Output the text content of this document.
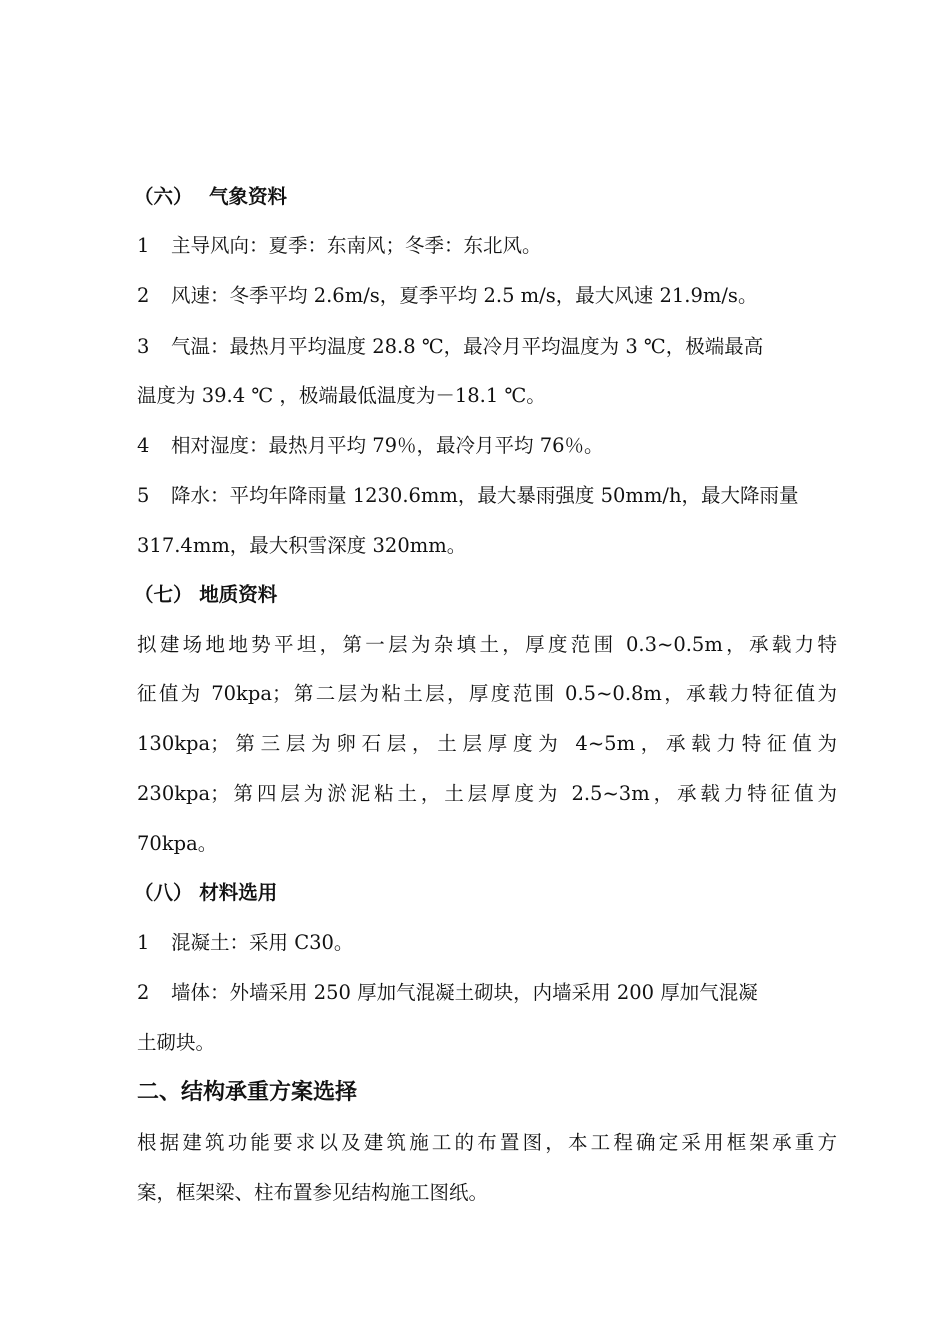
（六）　 气象资料
1 主导风向：夏季：东南风；冬季：东北风。
2 风速：冬季平均 2.6m/s，夏季平均 2.5 m/s，最大风速 21.9m/s。
3 气温：最热月平均温度 28.8 ℃，最冷月平均温度为 3 ℃，极端最高
温度为 39.4 ℃ ，极端最低温度为－18.1 ℃。
4 相对湿度：最热月平均 79％，最冷月平均 76％。
5 降水：平均年降雨量 1230.6mm，最大暴雨强度 50mm/h，最大降雨量
317.4mm，最大积雪深度 320mm。
（七） 地质资料
拟建场地地势平坦，第一层为杂填土，厚度范围 0.3~0.5m，承载力特
征值为 70kpa；第二层为粘土层，厚度范围 0.5~0.8m，承载力特征值为
130kpa；第三层为卵石层，土层厚度为 4~5m，承载力特征值为
230kpa；第四层为淤泥粘土，土层厚度为 2.5~3m，承载力特征值为
70kpa。
（八） 材料选用
1 混凝土：采用 C30。
2 墙体：外墙采用 250 厚加气混凝土砌块，内墙采用 200 厚加气混凝
土砌块。
二、结构承重方案选择
根据建筑功能要求以及建筑施工的布置图，本工程确定采用框架承重方
案，框架梁、柱布置参见结构施工图纸。
